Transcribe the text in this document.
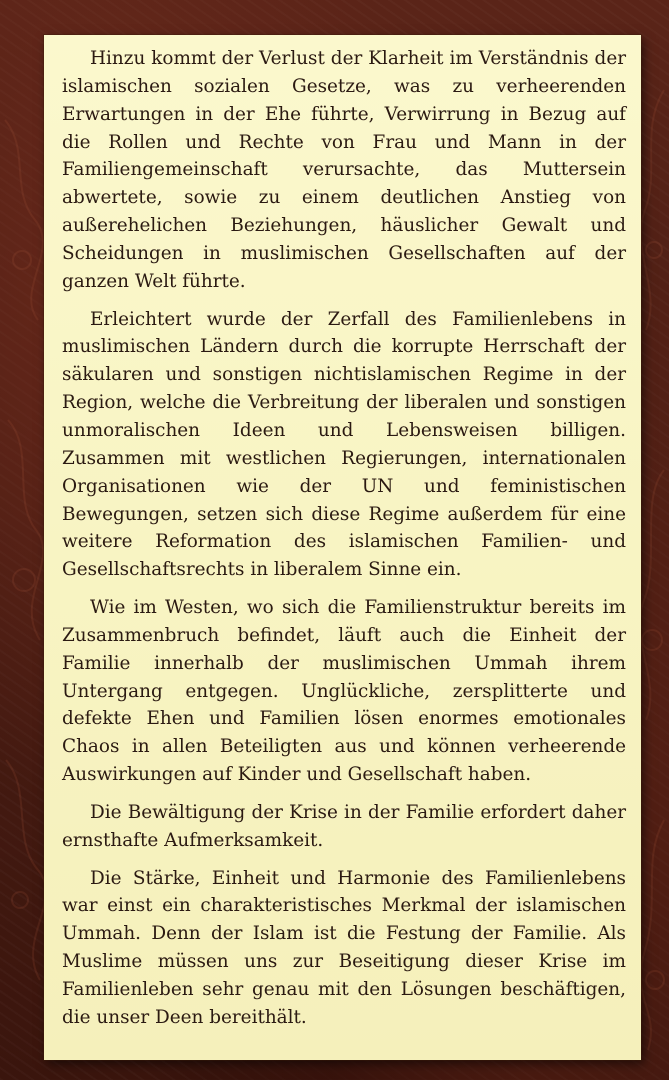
Hinzu kommt der Verlust der Klarheit im Verständnis der islamischen sozialen Gesetze, was zu verheerenden Erwartungen in der Ehe führte, Verwirrung in Bezug auf die Rollen und Rechte von Frau und Mann in der Familiengemeinschaft verursachte, das Muttersein abwertete, sowie zu einem deutlichen Anstieg von außerehelichen Beziehungen, häuslicher Gewalt und Scheidungen in muslimischen Gesellschaften auf der ganzen Welt führte.

Erleichtert wurde der Zerfall des Familienlebens in muslimischen Ländern durch die korrupte Herrschaft der säkularen und sonstigen nichtislamischen Regime in der Region, welche die Verbreitung der liberalen und sonstigen unmoralischen Ideen und Lebensweisen billigen. Zusammen mit westlichen Regierungen, internationalen Organisationen wie der UN und feministischen Bewegungen, setzen sich diese Regime außerdem für eine weitere Reformation des islamischen Familien- und Gesellschaftsrechts in liberalem Sinne ein.

Wie im Westen, wo sich die Familienstruktur bereits im Zusammenbruch befindet, läuft auch die Einheit der Familie innerhalb der muslimischen Ummah ihrem Untergang entgegen. Unglückliche, zersplitterte und defekte Ehen und Familien lösen enormes emotionales Chaos in allen Beteiligten aus und können verheerende Auswirkungen auf Kinder und Gesellschaft haben.

Die Bewältigung der Krise in der Familie erfordert daher ernsthafte Aufmerksamkeit.

Die Stärke, Einheit und Harmonie des Familienlebens war einst ein charakteristisches Merkmal der islamischen Ummah. Denn der Islam ist die Festung der Familie. Als Muslime müssen uns zur Beseitigung dieser Krise im Familienleben sehr genau mit den Lösungen beschäftigen, die unser Deen bereithält.
